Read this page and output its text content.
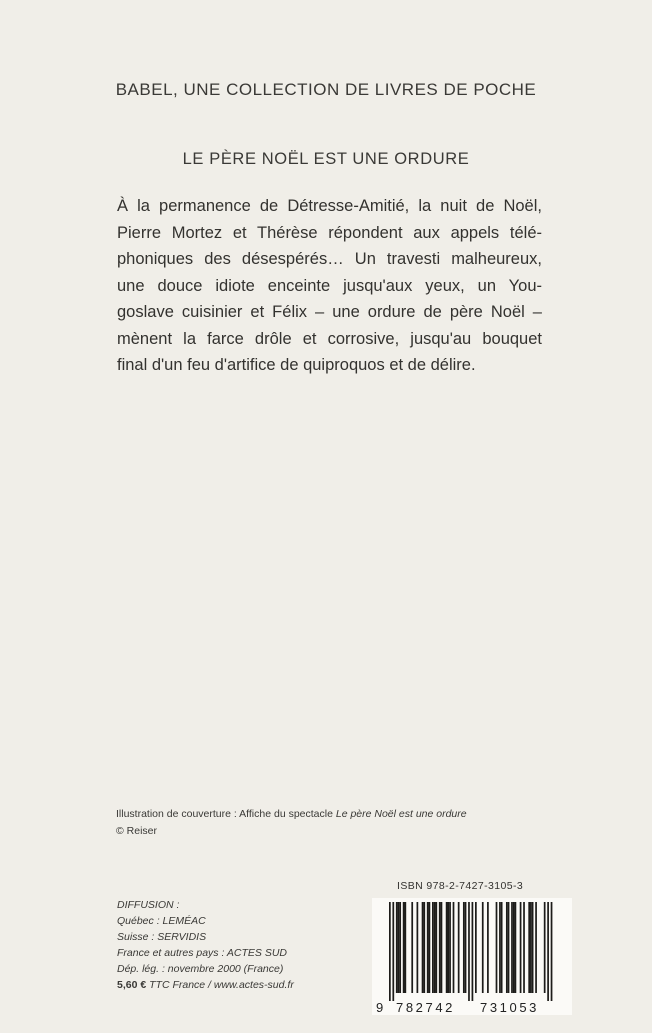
BABEL, UNE COLLECTION DE LIVRES DE POCHE
LE PÈRE NOËL EST UNE ORDURE
À la permanence de Détresse-Amitié, la nuit de Noël,
Pierre Mortez et Thérèse répondent aux appels télé-
phoniques des désespérés… Un travesti malheureux,
une douce idiote enceinte jusqu'aux yeux, un You-
goslave cuisinier et Félix – une ordure de père Noël –
mènent la farce drôle et corrosive, jusqu'au bouquet
final d'un feu d'artifice de quiproquos et de délire.
Illustration de couverture : Affiche du spectacle Le père Noël est une ordure
© Reiser
DIFFUSION :
Québec : LEMÉAC
Suisse : SERVIDIS
France et autres pays : ACTES SUD
Dép. lég. : novembre 2000 (France)
5,60 € TTC France / www.actes-sud.fr
ISBN 978-2-7427-3105-3
9 782742 731053
